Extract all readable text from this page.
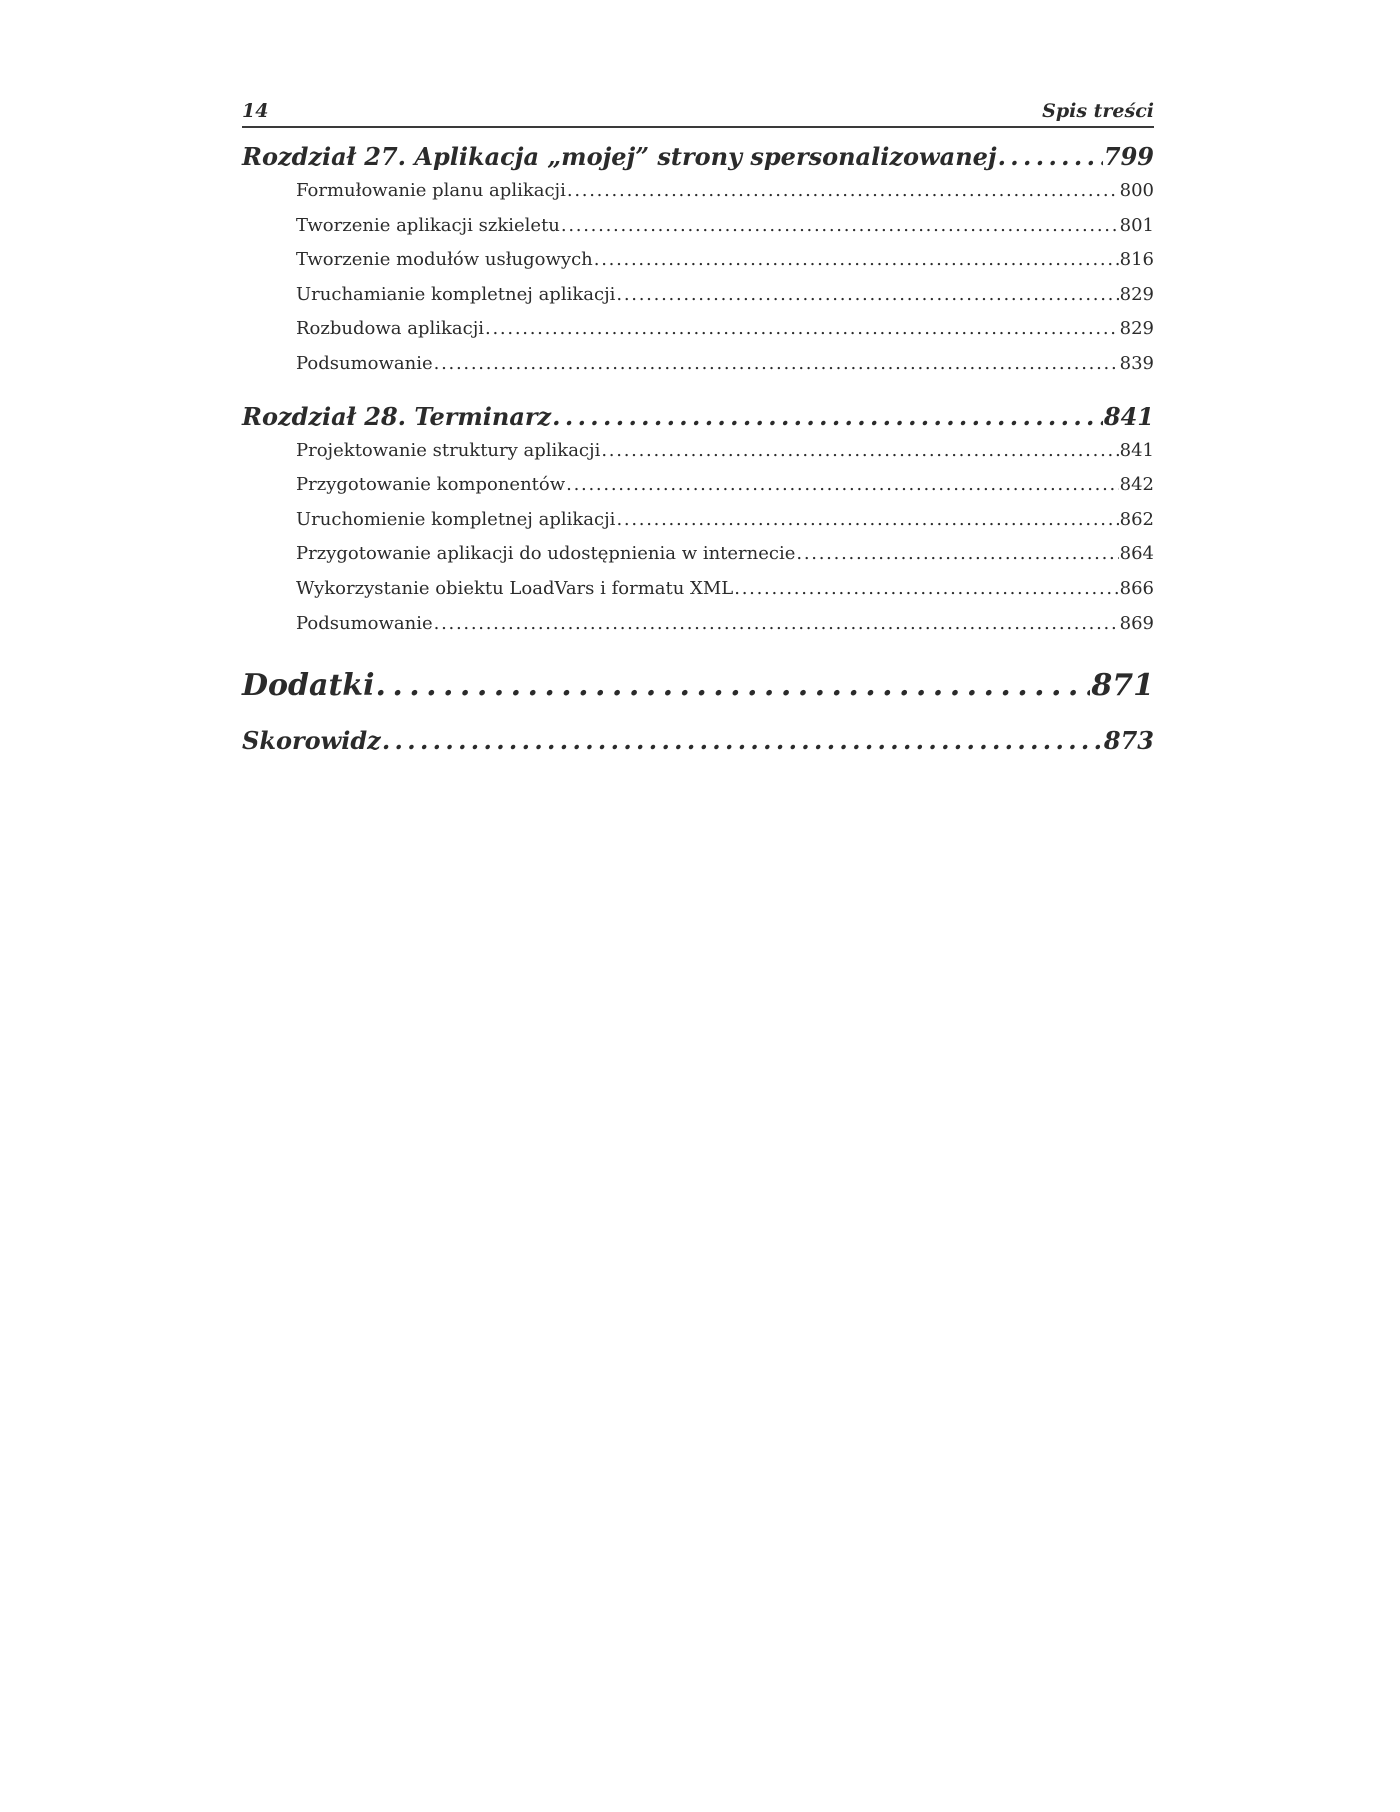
14	Spis treści
Rozdział 27. Aplikacja „mojej” strony spersonalizowanej . . .	799
Formułowanie planu aplikacji . . .	800
Tworzenie aplikacji szkieletu . . .	801
Tworzenie modułów usługowych . . .	816
Uruchamianie kompletnej aplikacji . . .	829
Rozbudowa aplikacji . . .	829
Podsumowanie . . .	839
Rozdział 28. Terminarz . . .	841
Projektowanie struktury aplikacji . . .	841
Przygotowanie komponentów . . .	842
Uruchomienie kompletnej aplikacji . . .	862
Przygotowanie aplikacji do udostępnienia w internecie . . .	864
Wykorzystanie obiektu LoadVars i formatu XML . . .	866
Podsumowanie . . .	869
Dodatki . . .	871
Skorowidz . . .	873
